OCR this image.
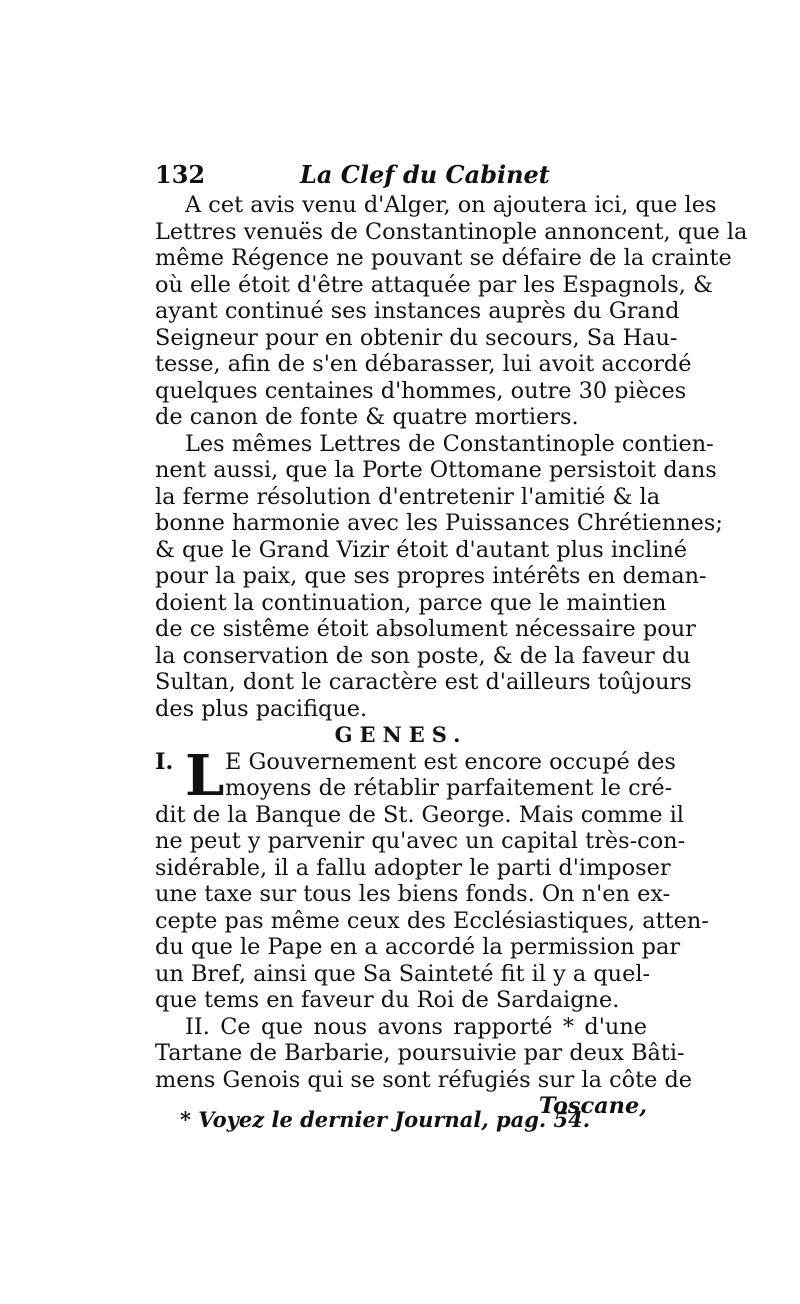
132	La Clef du Cabinet
A cet avis venu d'Alger, on ajoutera ici, que les
Lettres venuës de Constantinople annoncent, que la
même Régence ne pouvant se défaire de la crainte
où elle étoit d'être attaquée par les Espagnols, &
ayant continué ses instances auprès du Grand
Seigneur pour en obtenir du secours, Sa Hau-
tesse, afin de s'en débarasser, lui avoit accordé
quelques centaines d'hommes, outre 30 pièces
de canon de fonte & quatre mortiers.
Les mêmes Lettres de Constantinople contien-
nent aussi, que la Porte Ottomane persistoit dans
la ferme résolution d'entretenir l'amitié & la
bonne harmonie avec les Puissances Chrétiennes;
& que le Grand Vizir étoit d'autant plus incliné
pour la paix, que ses propres intérêts en deman-
doient la continuation, parce que le maintien
de ce sistême étoit absolument nécessaire pour
la conservation de son poste, & de la faveur du
Sultan, dont le caractère est d'ailleurs toûjours
des plus pacifique.
GENES.
I. L E Gouvernement est encore occupé des
moyens de rétablir parfaitement le cré-
dit de la Banque de St. George. Mais comme il
ne peut y parvenir qu'avec un capital très-con-
sidérable, il a fallu adopter le parti d'imposer
une taxe sur tous les biens fonds. On n'en ex-
cepte pas même ceux des Ecclésiastiques, atten-
du que le Pape en a accordé la permission par
un Bref, ainsi que Sa Sainteté fit il y a quel-
que tems en faveur du Roi de Sardaigne.
II. Ce que nous avons rapporté * d'une
Tartane de Barbarie, poursuivie par deux Bâti-
mens Genois qui se sont réfugiés sur la côte de
Toscane,
* Voyez le dernier Journal, pag. 54.
